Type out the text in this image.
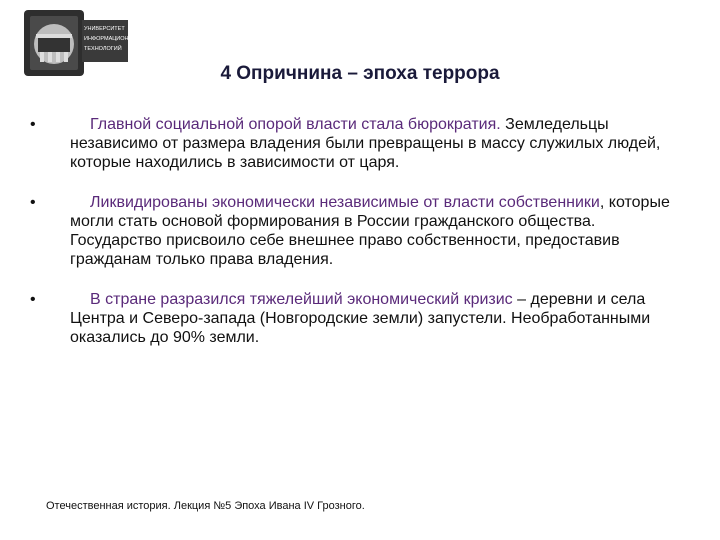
УНИВЕРСИТЕТ
ИНФОРМАЦИОННЫХ
ТЕХНОЛОГИЙ
4 Опричнина – эпоха террора
•	Главной социальной опорой власти стала бюрократия. Земледельцы независимо от размера владения были превращены в массу служилых людей, которые находились в зависимости от царя.
•	Ликвидированы экономически независимые от власти собственники, которые могли стать основой формирования в России гражданского общества. Государство присвоило себе внешнее право собственности, предоставив гражданам только права владения.
•	В стране разразился тяжелейший экономический кризис – деревни и села Центра и Северо-запада (Новгородские земли) запустели. Необработанными оказались до 90% земли.
Отечественная история. Лекция №5 Эпоха Ивана IV Грозного.
